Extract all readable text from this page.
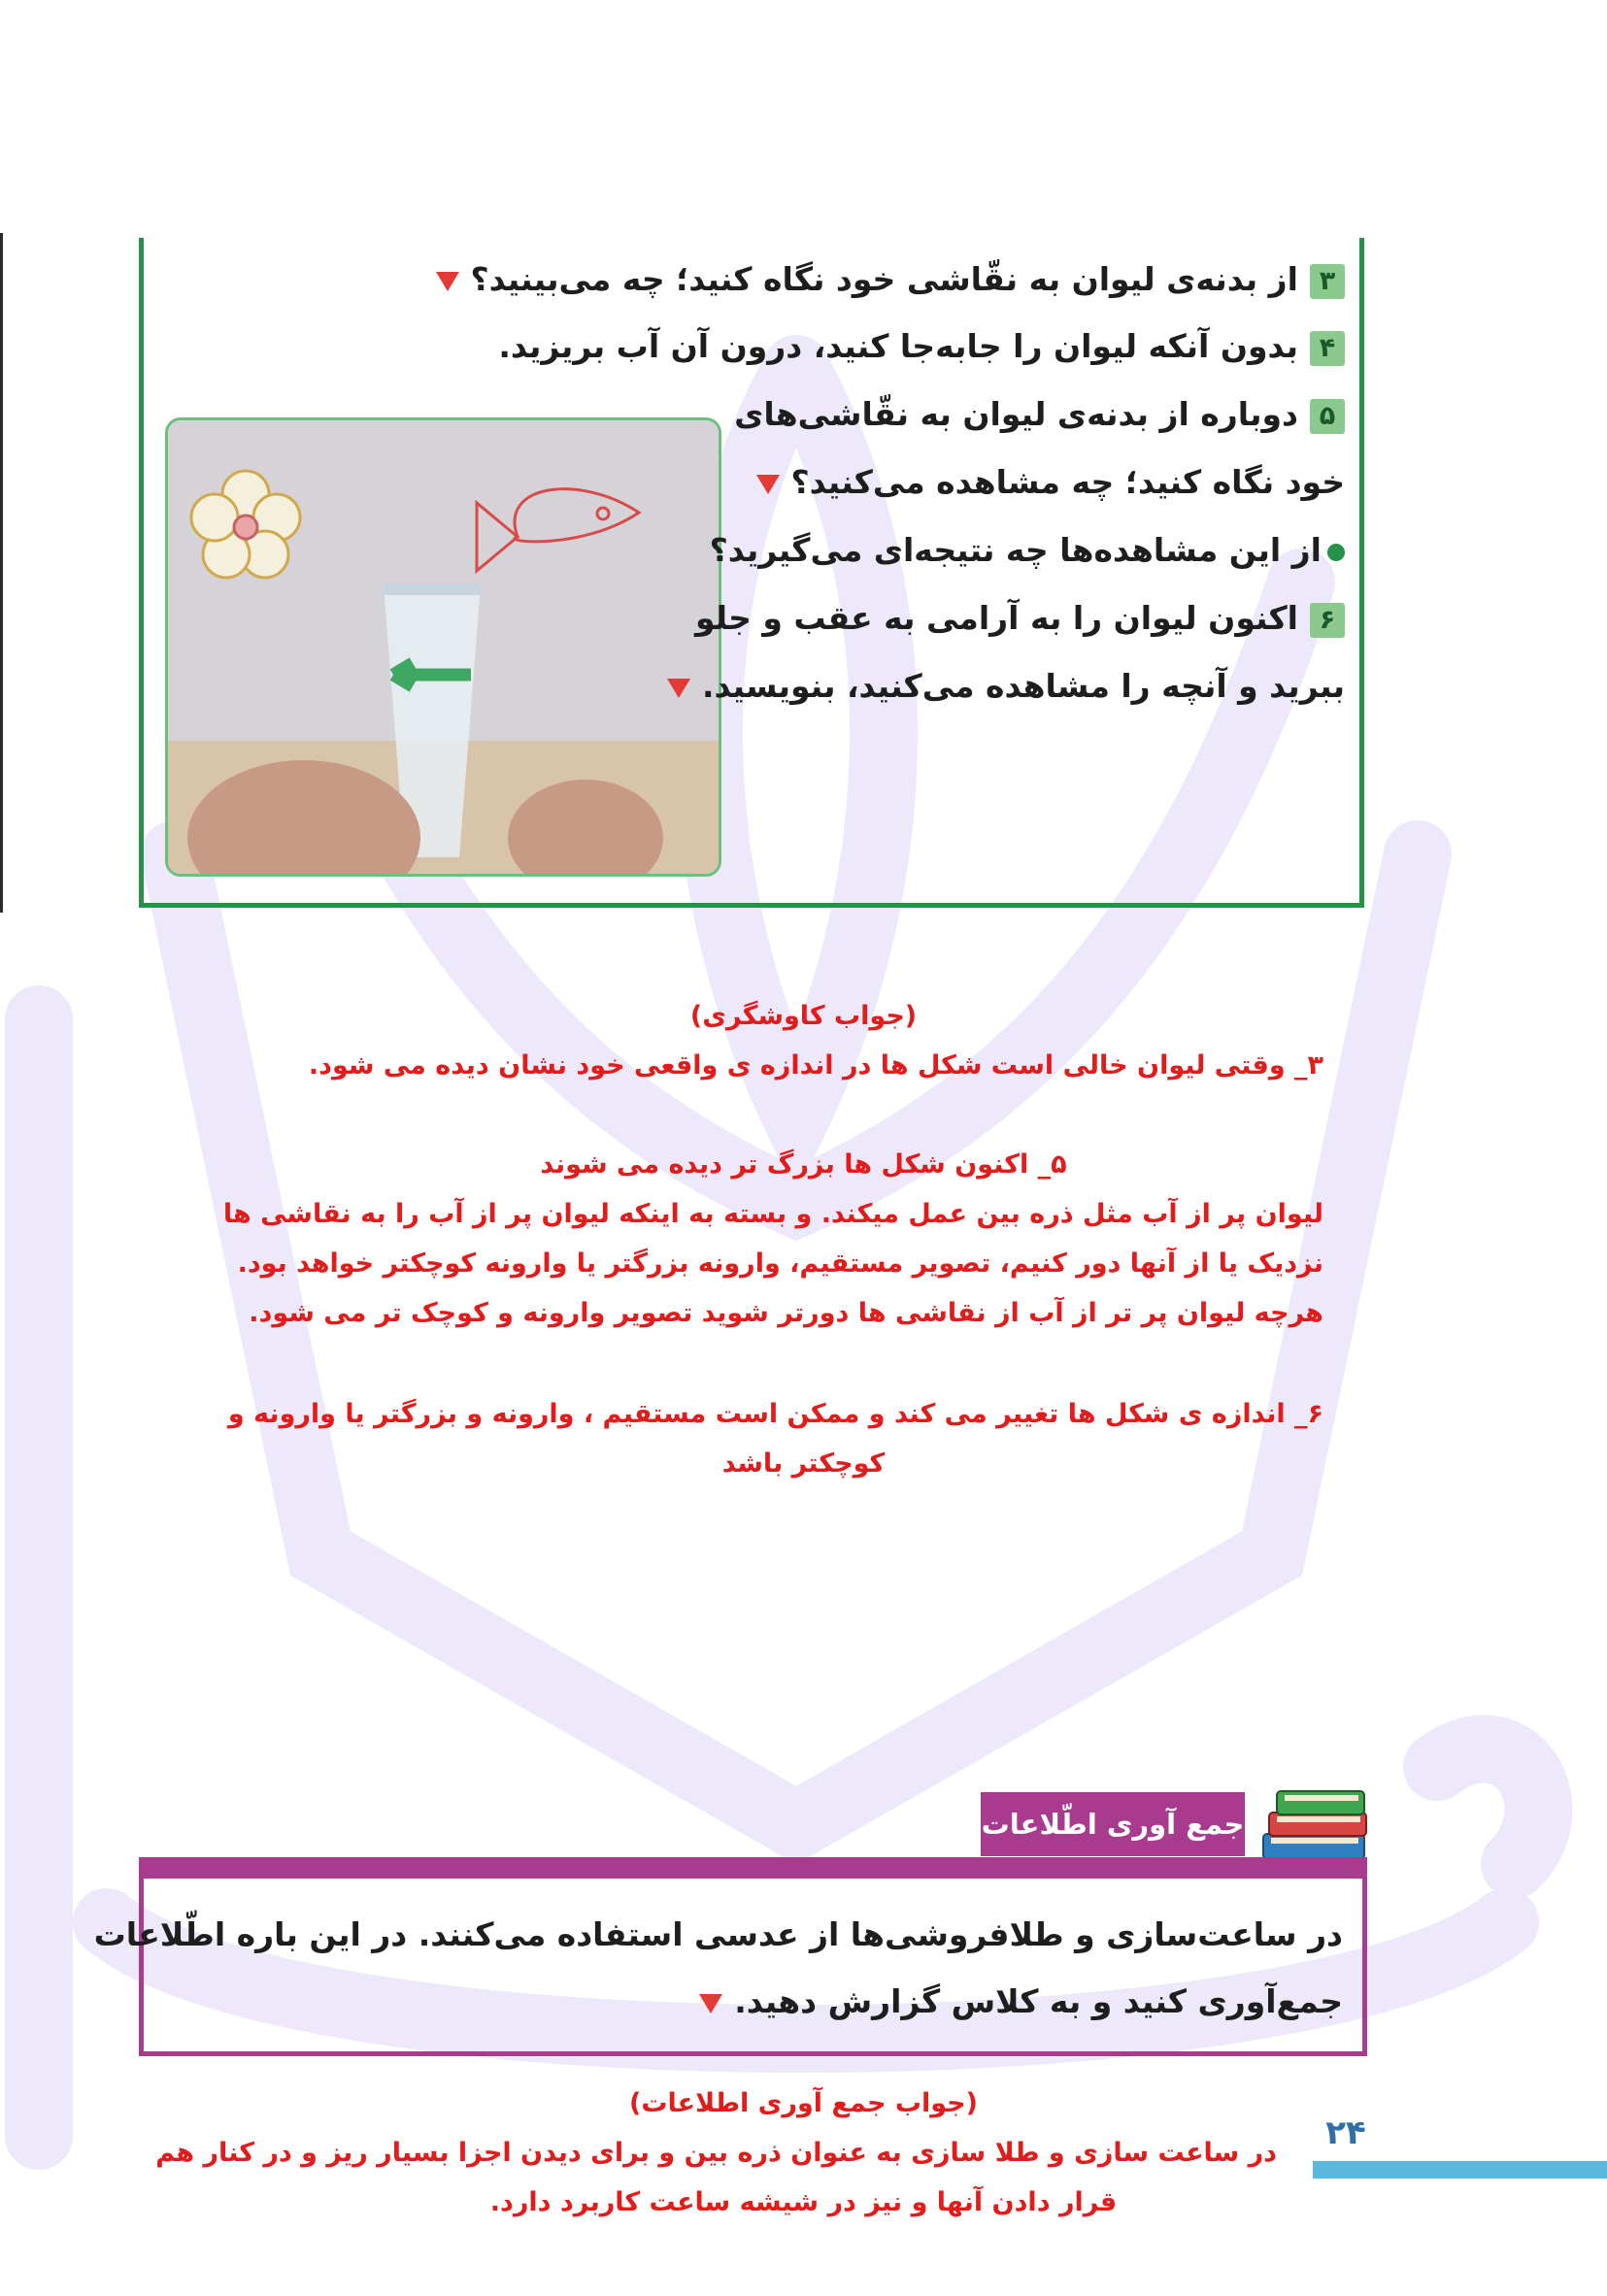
۳از بدنه‌ی لیوان به نقّاشی خود نگاه کنید؛ چه می‌بینید؟
۴بدون آنکه لیوان را جابه‌جا کنید، درون آن آب بریزید.
۵دوباره از بدنه‌ی لیوان به نقّاشی‌های
خود نگاه کنید؛ چه مشاهده می‌کنید؟
از این مشاهده‌ها چه نتیجه‌ای می‌گیرید؟
۶اکنون لیوان را به آرامی به عقب و جلو
ببرید و آنچه را مشاهده می‌کنید، بنویسید.
(جواب کاوشگری)
۳_ وقتی لیوان خالی است شکل ها در اندازه ی واقعی خود نشان دیده می شود.
۵_ اکنون شکل ها بزرگ تر دیده می شوند
لیوان پر از آب مثل ذره بین عمل میکند. و بسته به اینکه لیوان پر از آب را به نقاشی ها
نزدیک یا از آنها دور کنیم، تصویر مستقیم، وارونه بزرگتر یا وارونه کوچکتر خواهد بود.
هرچه لیوان پر تر از آب از نقاشی ها دورتر شوید تصویر وارونه و کوچک تر می شود.
۶_ اندازه ی شکل ها تغییر می کند و ممکن است مستقیم ، وارونه و بزرگتر یا وارونه و
کوچکتر باشد
جمع آوری اطّلاعات
در ساعت‌سازی و طلافروشی‌ها از عدسی استفاده می‌کنند. در این باره اطّلاعات
جمع‌آوری کنید و به کلاس گزارش دهید.
(جواب جمع آوری اطلاعات)
در ساعت سازی و طلا سازی به عنوان ذره بین و برای دیدن اجزا بسیار ریز و در کنار هم
قرار دادن آنها و نیز در شیشه ساعت کاربرد دارد.
۲۴
